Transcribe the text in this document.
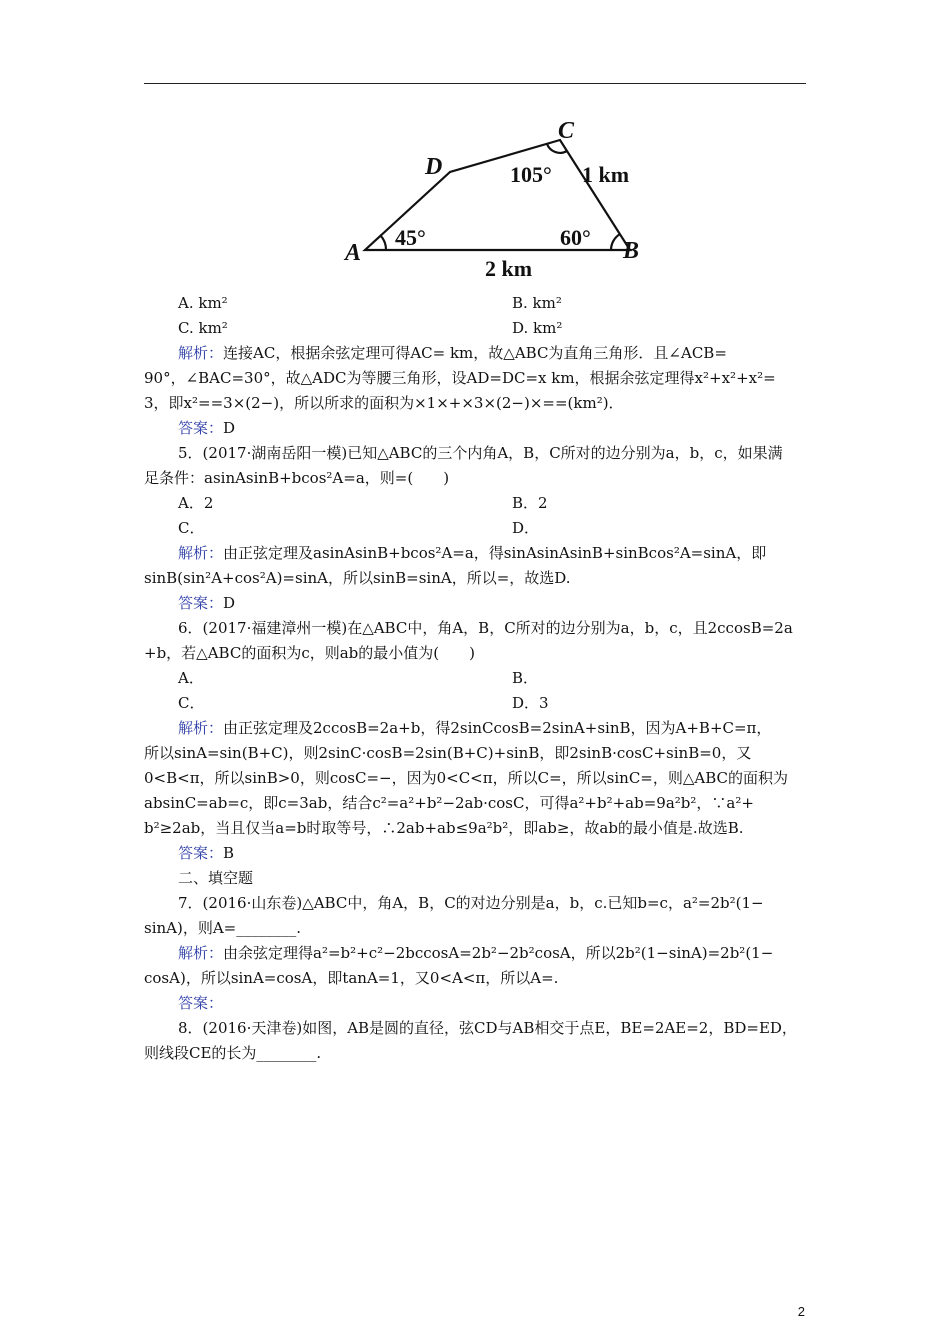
A	B
C
D
45°	60°
105° 1 km
2 km
A. km²	B. km²
C. km²	D. km²
解析：连接AC，根据余弦定理可得AC= km，故△ABC为直角三角形．且∠ACB=
90°，∠BAC=30°，故△ADC为等腰三角形，设AD=DC=x km，根据余弦定理得x²+x²+x²=
3，即x²==3×(2−)，所以所求的面积为×1×+×3×(2−)×==(km²)．
答案：D
5．(2017·湖南岳阳一模)已知△ABC的三个内角A，B，C所对的边分别为a，b，c，如果满
足条件：asinAsinB+bcos²A=a，则=(　　)
A．2	B．2
C．	D．
解析：由正弦定理及asinAsinB+bcos²A=a，得sinAsinAsinB+sinBcos²A=sinA，即
sinB(sin²A+cos²A)=sinA，所以sinB=sinA，所以=，故选D.
答案：D
6．(2017·福建漳州一模)在△ABC中，角A，B，C所对的边分别为a，b，c，且2ccosB=2a
+b，若△ABC的面积为c，则ab的最小值为(　　)
A．	B．
C．	D．3
解析：由正弦定理及2ccosB=2a+b，得2sinCcosB=2sinA+sinB，因为A+B+C=π，
所以sinA=sin(B+C)，则2sinC·cosB=2sin(B+C)+sinB，即2sinB·cosC+sinB=0，又
0<B<π，所以sinB>0，则cosC=−，因为0<C<π，所以C=，所以sinC=，则△ABC的面积为
absinC=ab=c，即c=3ab，结合c²=a²+b²−2ab·cosC，可得a²+b²+ab=9a²b²，∵a²+
b²≥2ab，当且仅当a=b时取等号，∴2ab+ab≤9a²b²，即ab≥，故ab的最小值是.故选B.
答案：B
二、填空题
7．(2016·山东卷)△ABC中，角A，B，C的对边分别是a，b，c.已知b=c，a²=2b²(1−
sinA)，则A=________.
解析：由余弦定理得a²=b²+c²−2bccosA=2b²−2b²cosA，所以2b²(1−sinA)=2b²(1−
cosA)，所以sinA=cosA，即tanA=1，又0<A<π，所以A=.
答案：
8．(2016·天津卷)如图，AB是圆的直径，弦CD与AB相交于点E，BE=2AE=2，BD=ED，
则线段CE的长为________.
2
